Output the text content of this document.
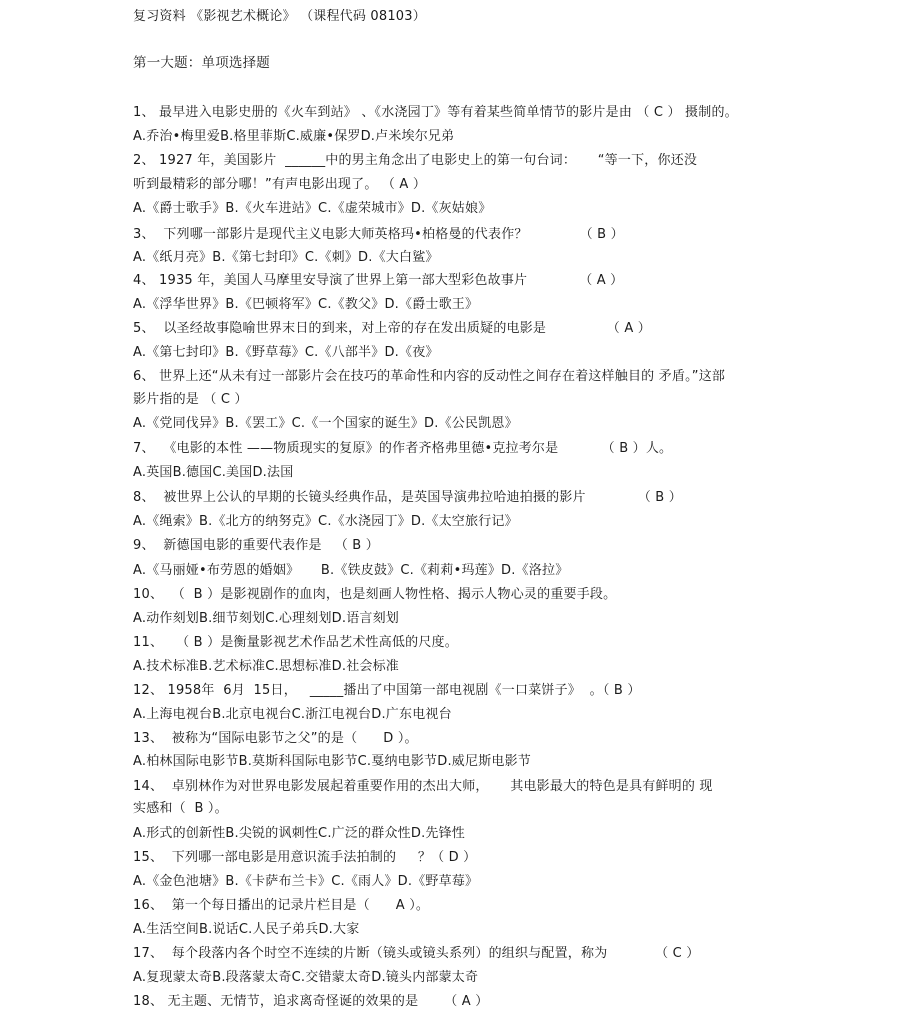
复习资料 《影视艺术概论》 （课程代码 08103）
第一大题：单项选择题
1、 最早进入电影史册的《火车到站》 、《水浇园丁》等有着某些简单情节的影片是由 （ C ） 摄制的。
A.乔治•梅里爱B.格里菲斯C.威廉•保罗D.卢米埃尔兄弟
2、 1927 年，美国影片  ______中的男主角念出了电影史上的第一句台词：     “等一下，你还没
听到最精彩的部分哪！”有声电影出现了。 （ A ）
A.《爵士歌手》B.《火车进站》C.《虚荣城市》D.《灰姑娘》
3、  下列哪一部影片是现代主义电影大师英格玛•柏格曼的代表作？            （ B ）
A.《纸月亮》B.《第七封印》C.《刺》D.《大白鲨》
4、 1935 年，美国人马摩里安导演了世界上第一部大型彩色故事片            （ A ）
A.《浮华世界》B.《巴顿将军》C.《教父》D.《爵士歌王》
5、  以圣经故事隐喻世界末日的到来，对上帝的存在发出质疑的电影是              （ A ）
A.《第七封印》B.《野草莓》C.《八部半》D.《夜》
6、 世界上还“从未有过一部影片会在技巧的革命性和内容的反动性之间存在着这样触目的 矛盾。”这部
影片指的是 （ C ）
A.《党同伐异》B.《罢工》C.《一个国家的诞生》D.《公民凯恩》
7、  《电影的本性 ——物质现实的复原》的作者齐格弗里德•克拉考尔是          （ B ）人。
A.英国B.德国C.美国D.法国
8、  被世界上公认的早期的长镜头经典作品，是英国导演弗拉哈迪拍摄的影片            （ B ）
A.《绳索》B.《北方的纳努克》C.《水浇园丁》D.《太空旅行记》
9、  新德国电影的重要代表作是   （ B ）
A.《马丽娅•布劳恩的婚姻》     B.《铁皮鼓》C.《莉莉•玛莲》D.《洛拉》
10、  （  B ）是影视剧作的血肉，也是刻画人物性格、揭示人物心灵的重要手段。
A.动作刻划B.细节刻划C.心理刻划D.语言刻划
11、   （ B ）是衡量影视艺术作品艺术性高低的尺度。
A.技术标准B.艺术标准C.思想标准D.社会标准
12、 1958年  6月  15日，   _____播出了中国第一部电视剧《一口菜饼子》  。（ B ）
A.上海电视台B.北京电视台C.浙江电视台D.广东电视台
13、  被称为“国际电影节之父”的是（      D ）。
A.柏林国际电影节B.莫斯科国际电影节C.戛纳电影节D.威尼斯电影节
14、  卓别林作为对世界电影发展起着重要作用的杰出大师，     其电影最大的特色是具有鲜明的 现
实感和（  B ）。
A.形式的创新性B.尖锐的讽刺性C.广泛的群众性D.先锋性
15、  下列哪一部电影是用意识流手法拍制的     ？（ D ）
A.《金色池塘》B.《卡萨布兰卡》C.《雨人》D.《野草莓》
16、  第一个每日播出的记录片栏目是（      A ）。
A.生活空间B.说话C.人民子弟兵D.大家
17、  每个段落内各个时空不连续的片断（镜头或镜头系列）的组织与配置，称为           （ C ）
A.复现蒙太奇B.段落蒙太奇C.交错蒙太奇D.镜头内部蒙太奇
18、 无主题、无情节，追求离奇怪诞的效果的是      （ A ）
